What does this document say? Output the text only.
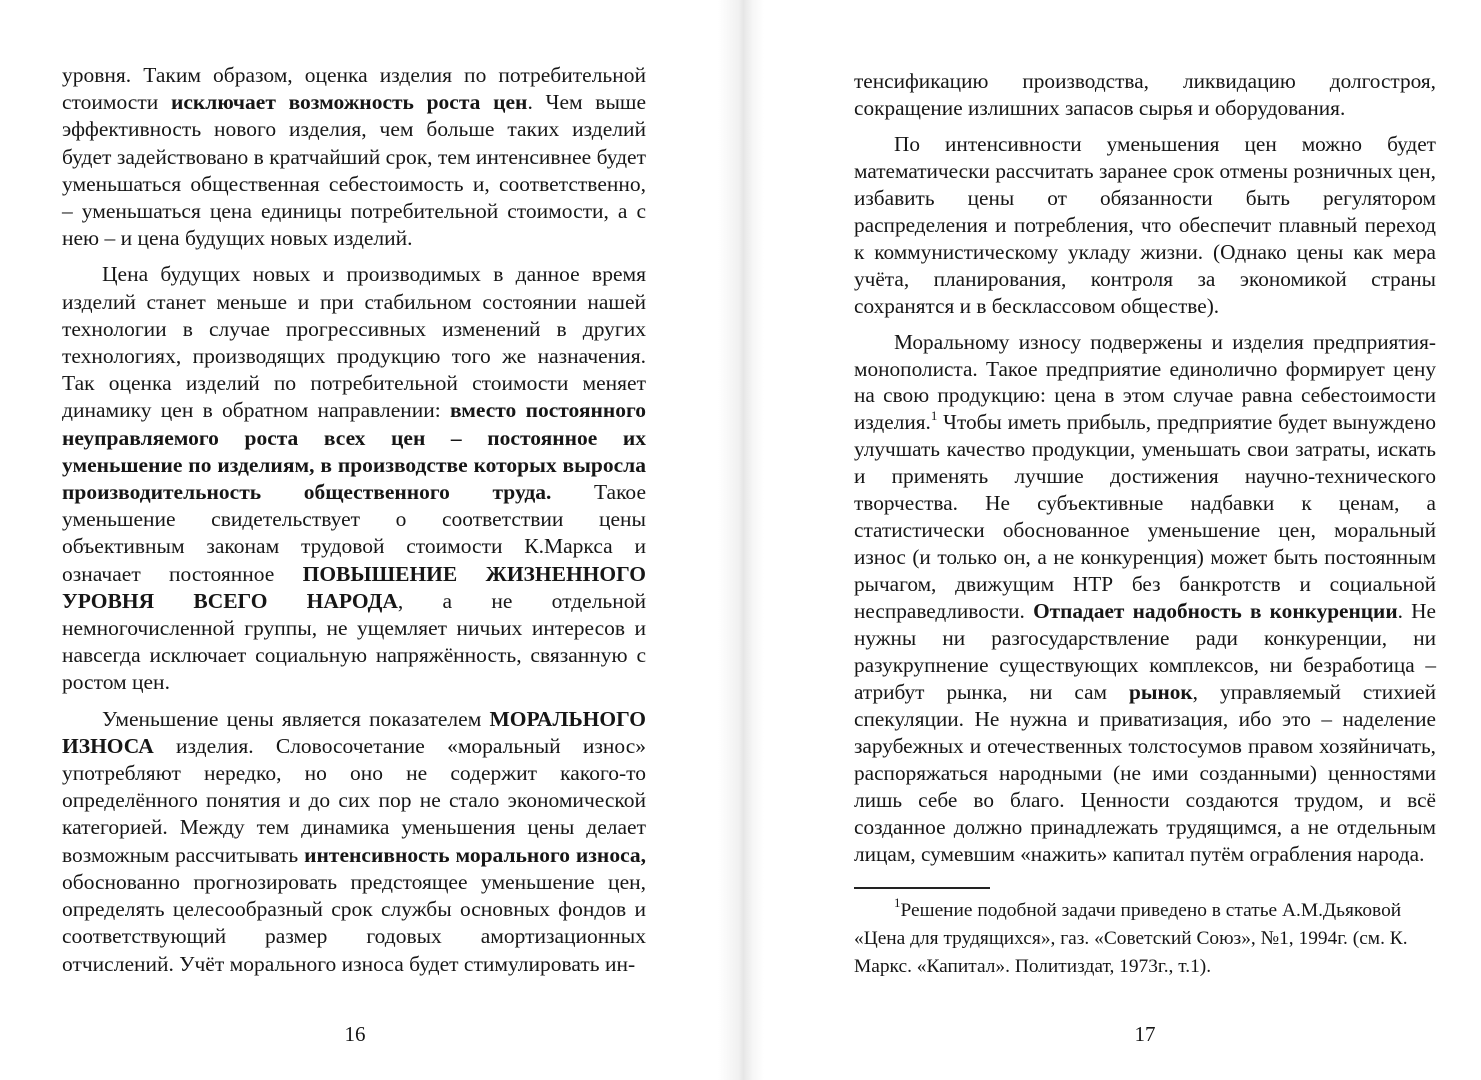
уровня. Таким образом, оценка изделия по потребительной стоимости исключает возможность роста цен. Чем выше эффективность нового изделия, чем больше таких изделий будет задействовано в кратчайший срок, тем интенсивнее будет уменьшаться общественная себестоимость и, соответственно, – уменьшаться цена единицы потребительной стоимости, а с нею – и цена будущих новых изделий.

Цена будущих новых и производимых в данное время изделий станет меньше и при стабильном состоянии нашей технологии в случае прогрессивных изменений в других технологиях, производящих продукцию того же назначения. Так оценка изделий по потребительной стоимости меняет динамику цен в обратном направлении: вместо постоянного неуправляемого роста всех цен – постоянное их уменьшение по изделиям, в производстве которых выросла производительность общественного труда. Такое уменьшение свидетельствует о соответствии цены объективным законам трудовой стоимости К.Маркса и означает постоянное ПОВЫШЕНИЕ ЖИЗНЕННОГО УРОВНЯ ВСЕГО НАРОДА, а не отдельной немногочисленной группы, не ущемляет ничьих интересов и навсегда исключает социальную напряжённость, связанную с ростом цен.

Уменьшение цены является показателем МОРАЛЬНОГО ИЗНОСА изделия. Словосочетание «моральный износ» употребляют нередко, но оно не содержит какого-то определённого понятия и до сих пор не стало экономической категорией. Между тем динамика уменьшения цены делает возможным рассчитывать интенсивность морального износа, обоснованно прогнозировать предстоящее уменьшение цен, определять целесообразный срок службы основных фондов и соответствующий размер годовых амортизационных отчислений. Учёт морального износа будет стимулировать ин-

16

тенсификацию производства, ликвидацию долгостроя, сокращение излишних запасов сырья и оборудования.

По интенсивности уменьшения цен можно будет математически рассчитать заранее срок отмены розничных цен, избавить цены от обязанности быть регулятором распределения и потребления, что обеспечит плавный переход к коммунистическому укладу жизни. (Однако цены как мера учёта, планирования, контроля за экономикой страны сохранятся и в бесклассовом обществе).

Моральному износу подвержены и изделия предприятия-монополиста. Такое предприятие единолично формирует цену на свою продукцию: цена в этом случае равна себестоимости изделия.$^1$ Чтобы иметь прибыль, предприятие будет вынуждено улучшать качество продукции, уменьшать свои затраты, искать и применять лучшие достижения научно-технического творчества. Не субъективные надбавки к ценам, а статистически обоснованное уменьшение цен, моральный износ (и только он, а не конкуренция) может быть постоянным рычагом, движущим НТР без банкротств и социальной несправедливости. Отпадает надобность в конкуренции. Не нужны ни разгосударствление ради конкуренции, ни разукрупнение существующих комплексов, ни безработица – атрибут рынка, ни сам рынок, управляемый стихией спекуляции. Не нужна и приватизация, ибо это – наделение зарубежных и отечественных толстосумов правом хозяйничать, распоряжаться народными (не ими созданными) ценностями лишь себе во благо. Ценности создаются трудом, и всё созданное должно принадлежать трудящимся, а не отдельным лицам, сумевшим «нажить» капитал путём ограбления народа.

$^1$Решение подобной задачи приведено в статье А.М.Дьяковой «Цена для трудящихся», газ. «Советский Союз», №1, 1994г. (см. К. Маркс. «Капитал». Политиздат, 1973г., т.1).

17
